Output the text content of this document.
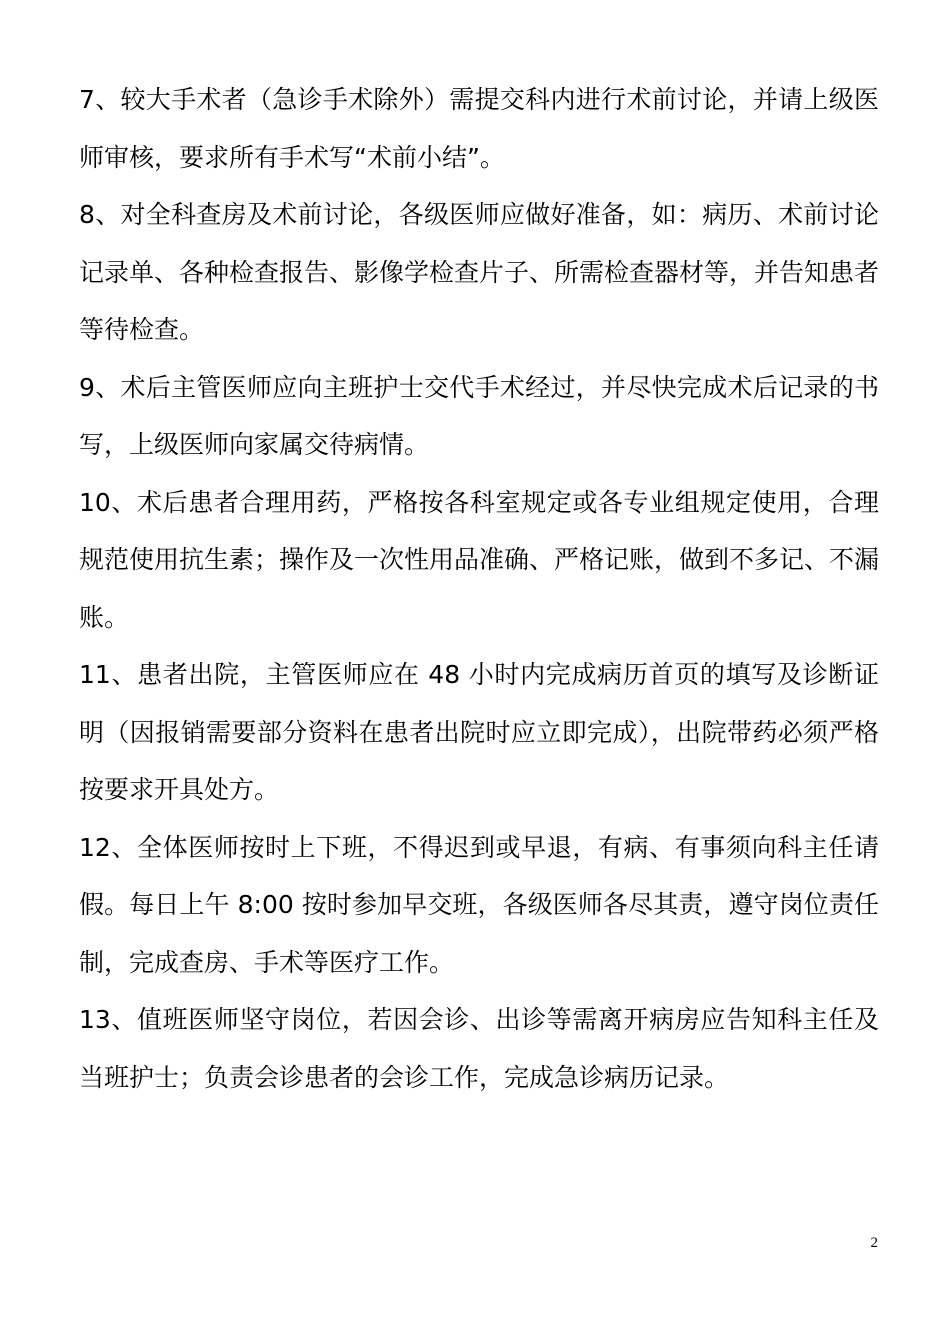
7、较大手术者（急诊手术除外）需提交科内进行术前讨论，并请上级医师审核，要求所有手术写“术前小结”。

8、对全科查房及术前讨论，各级医师应做好准备，如：病历、术前讨论记录单、各种检查报告、影像学检查片子、所需检查器材等，并告知患者等待检查。

9、术后主管医师应向主班护士交代手术经过，并尽快完成术后记录的书写，上级医师向家属交待病情。

10、术后患者合理用药，严格按各科室规定或各专业组规定使用，合理规范使用抗生素；操作及一次性用品准确、严格记账，做到不多记、不漏账。

11、患者出院，主管医师应在 48 小时内完成病历首页的填写及诊断证明（因报销需要部分资料在患者出院时应立即完成），出院带药必须严格按要求开具处方。

12、全体医师按时上下班，不得迟到或早退，有病、有事须向科主任请假。每日上午 8:00 按时参加早交班，各级医师各尽其责，遵守岗位责任制，完成查房、手术等医疗工作。

13、值班医师坚守岗位，若因会诊、出诊等需离开病房应告知科主任及当班护士；负责会诊患者的会诊工作，完成急诊病历记录。

2
